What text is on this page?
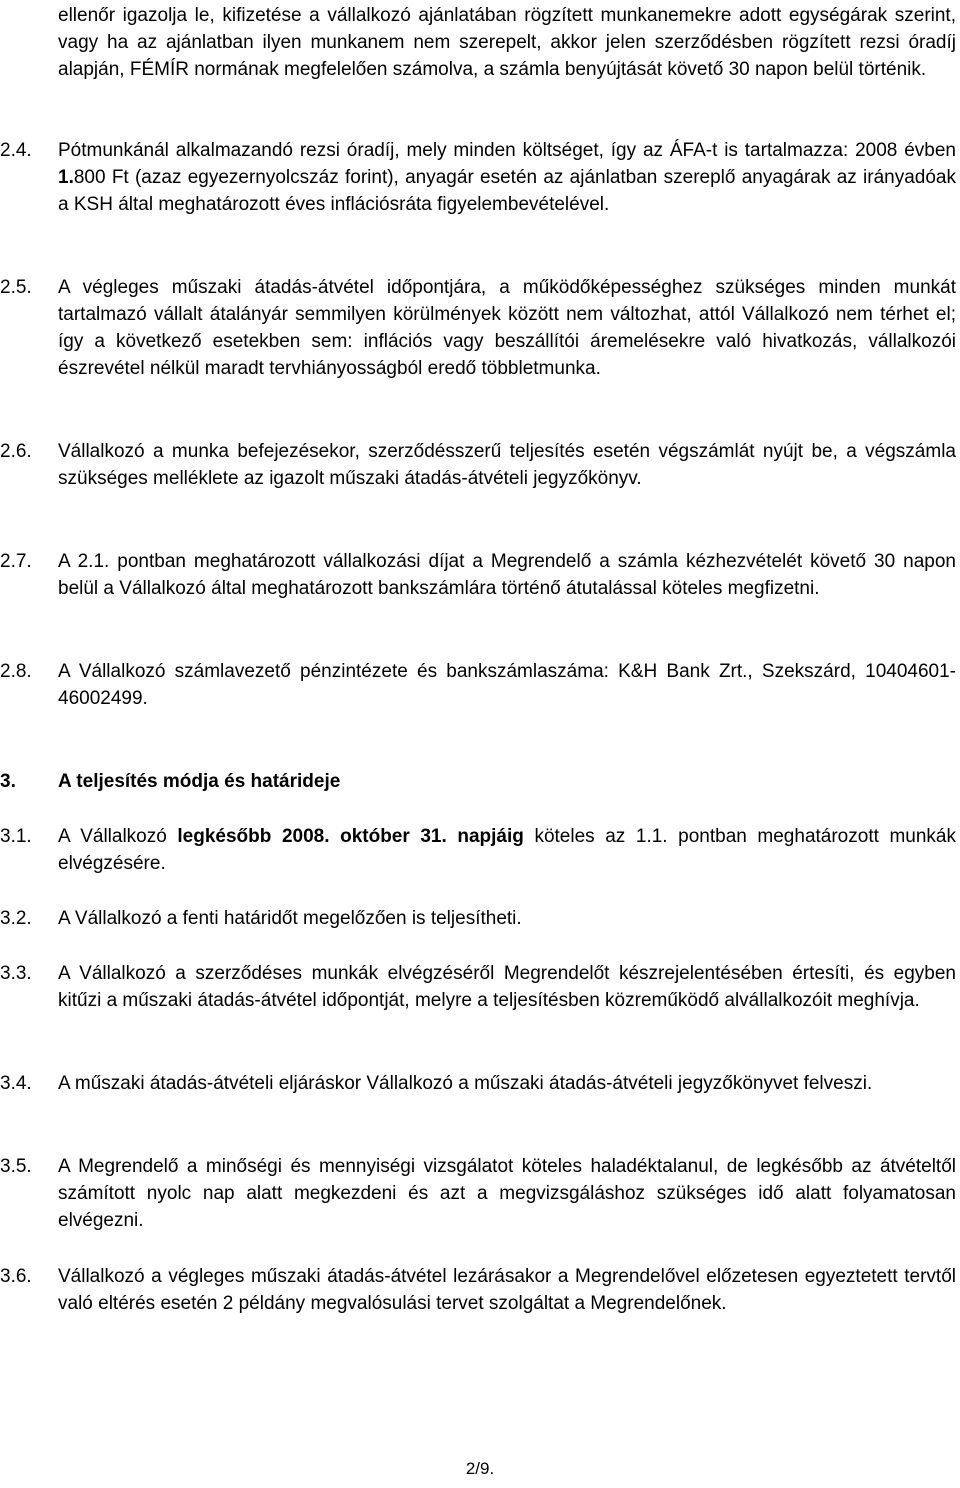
ellenőr igazolja le, kifizetése a vállalkozó ajánlatában rögzített munkanemekre adott egységárak szerint, vagy ha az ajánlatban ilyen munkanem nem szerepelt, akkor jelen szerződésben rögzített rezsi óradíj alapján, FÉMÍR normának megfelelően számolva, a számla benyújtását követő 30 napon belül történik.
2.4.	Pótmunkánál alkalmazandó rezsi óradíj, mely minden költséget, így az ÁFA-t is tartalmazza: 2008 évben 1.800 Ft (azaz egyezernyolcszáz forint), anyagár esetén az ajánlatban szereplő anyagárak az irányadóak a KSH által meghatározott éves inflációsráta figyelembevételével.
2.5.	A végleges műszaki átadás-átvétel időpontjára, a működőképességhez szükséges minden munkát tartalmazó vállalt átalányár semmilyen körülmények között nem változhat, attól Vállalkozó nem térhet el; így a következő esetekben sem: inflációs vagy beszállítói áremelésekre való hivatkozás, vállalkozói észrevétel nélkül maradt tervhiányosságból eredő többletmunka.
2.6.	Vállalkozó a munka befejezésekor, szerződésszerű teljesítés esetén végszámlát nyújt be, a végszámla szükséges melléklete az igazolt műszaki átadás-átvételi jegyzőkönyv.
2.7.	A 2.1. pontban meghatározott vállalkozási díjat a Megrendelő a számla kézhezvételét követő 30 napon belül a Vállalkozó által meghatározott bankszámlára történő átutalással köteles megfizetni.
2.8.	A Vállalkozó számlavezető pénzintézete és bankszámlaszáma: K&H Bank Zrt., Szekszárd, 10404601-46002499.
3.	A teljesítés módja és határideje
3.1.	A Vállalkozó legkésőbb 2008. október 31. napjáig köteles az 1.1. pontban meghatározott munkák elvégzésére.
3.2.	A Vállalkozó a fenti határidőt megelőzően is teljesítheti.
3.3.	A Vállalkozó a szerződéses munkák elvégzéséről Megrendelőt készrejelentésében értesíti, és egyben kitűzi a műszaki átadás-átvétel időpontját, melyre a teljesítésben közreműködő alvállalkozóit meghívja.
3.4.	A műszaki átadás-átvételi eljáráskor Vállalkozó a műszaki átadás-átvételi jegyzőkönyvet felveszi.
3.5.	A Megrendelő a minőségi és mennyiségi vizsgálatot köteles haladéktalanul, de legkésőbb az átvételtől számított nyolc nap alatt megkezdeni és azt a megvizsgáláshoz szükséges idő alatt folyamatosan elvégezni.
3.6.	Vállalkozó a végleges műszaki átadás-átvétel lezárásakor a Megrendelővel előzetesen egyeztetett tervtől való eltérés esetén 2 példány megvalósulási tervet szolgáltat a Megrendelőnek.
2/9.
